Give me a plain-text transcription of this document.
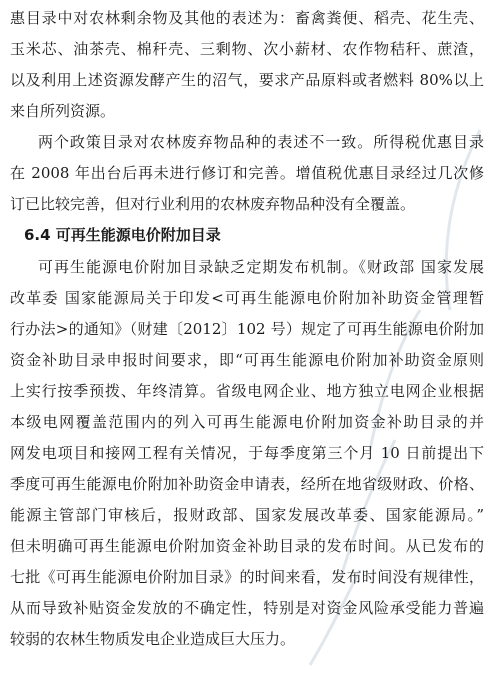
惠目录中对农林剩余物及其他的表述为：畜禽粪便、稻壳、花生壳、
玉米芯、油茶壳、棉秆壳、三剩物、次小薪材、农作物秸秆、蔗渣，
以及利用上述资源发酵产生的沼气，要求产品原料或者燃料 80%以上
来自所列资源。
两个政策目录对农林废弃物品种的表述不一致。所得税优惠目录
在 2008 年出台后再未进行修订和完善。增值税优惠目录经过几次修
订已比较完善，但对行业利用的农林废弃物品种没有全覆盖。
6.4 可再生能源电价附加目录
可再生能源电价附加目录缺乏定期发布机制。《财政部 国家发展
改革委 国家能源局关于印发<可再生能源电价附加补助资金管理暂
行办法>的通知》（财建〔2012〕102 号）规定了可再生能源电价附加
资金补助目录申报时间要求，即“可再生能源电价附加补助资金原则
上实行按季预拨、年终清算。省级电网企业、地方独立电网企业根据
本级电网覆盖范围内的列入可再生能源电价附加资金补助目录的并
网发电项目和接网工程有关情况，于每季度第三个月 10 日前提出下
季度可再生能源电价附加补助资金申请表，经所在地省级财政、价格、
能源主管部门审核后，报财政部、国家发展改革委、国家能源局。”
但未明确可再生能源电价附加资金补助目录的发布时间。从已发布的
七批《可再生能源电价附加目录》的时间来看，发布时间没有规律性，
从而导致补贴资金发放的不确定性，特别是对资金风险承受能力普遍
较弱的农林生物质发电企业造成巨大压力。
